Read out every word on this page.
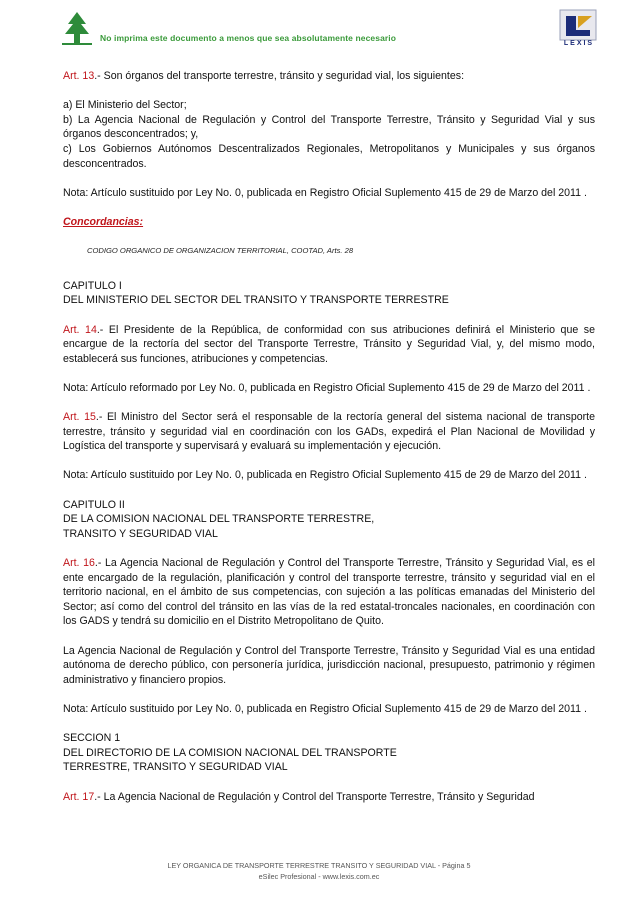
No imprima este documento a menos que sea absolutamente necesario
LEXIS

Art. 13.- Son órganos del transporte terrestre, tránsito y seguridad vial, los siguientes:

a) El Ministerio del Sector;

b) La Agencia Nacional de Regulación y Control del Transporte Terrestre, Tránsito y Seguridad Vial y sus órganos desconcentrados; y,

c) Los Gobiernos Autónomos Descentralizados Regionales, Metropolitanos y Municipales y sus órganos desconcentrados.

Nota: Artículo sustituido por Ley No. 0, publicada en Registro Oficial Suplemento 415 de 29 de Marzo del 2011 .

Concordancias:

CODIGO ORGANICO DE ORGANIZACION TERRITORIAL, COOTAD, Arts. 28

CAPITULO I

DEL MINISTERIO DEL SECTOR DEL TRANSITO Y TRANSPORTE TERRESTRE

Art. 14.- El Presidente de la República, de conformidad con sus atribuciones definirá el Ministerio que se encargue de la rectoría del sector del Transporte Terrestre, Tránsito y Seguridad Vial, y, del mismo modo, establecerá sus funciones, atribuciones y competencias.

Nota: Artículo reformado por Ley No. 0, publicada en Registro Oficial Suplemento 415 de 29 de Marzo del 2011 .

Art. 15.- El Ministro del Sector será el responsable de la rectoría general del sistema nacional de transporte terrestre, tránsito y seguridad vial en coordinación con los GADs, expedirá el Plan Nacional de Movilidad y Logística del transporte y supervisará y evaluará su implementación y ejecución.

Nota: Artículo sustituido por Ley No. 0, publicada en Registro Oficial Suplemento 415 de 29 de Marzo del 2011 .

CAPITULO II

DE LA COMISION NACIONAL DEL TRANSPORTE TERRESTRE,

TRANSITO Y SEGURIDAD VIAL

Art. 16.- La Agencia Nacional de Regulación y Control del Transporte Terrestre, Tránsito y Seguridad Vial, es el ente encargado de la regulación, planificación y control del transporte terrestre, tránsito y seguridad vial en el territorio nacional, en el ámbito de sus competencias, con sujeción a las políticas emanadas del Ministerio del Sector; así como del control del tránsito en las vías de la red estatal-troncales nacionales, en coordinación con los GADS y tendrá su domicilio en el Distrito Metropolitano de Quito.

La Agencia Nacional de Regulación y Control del Transporte Terrestre, Tránsito y Seguridad Vial es una entidad autónoma de derecho público, con personería jurídica, jurisdicción nacional, presupuesto, patrimonio y régimen administrativo y financiero propios.

Nota: Artículo sustituido por Ley No. 0, publicada en Registro Oficial Suplemento 415 de 29 de Marzo del 2011 .

SECCION 1

DEL DIRECTORIO DE LA COMISION NACIONAL DEL TRANSPORTE

TERRESTRE, TRANSITO Y SEGURIDAD VIAL

Art. 17.- La Agencia Nacional de Regulación y Control del Transporte Terrestre, Tránsito y Seguridad

LEY ORGANICA DE TRANSPORTE TERRESTRE TRANSITO Y SEGURIDAD VIAL - Página 5
eSilec Profesional - www.lexis.com.ec
